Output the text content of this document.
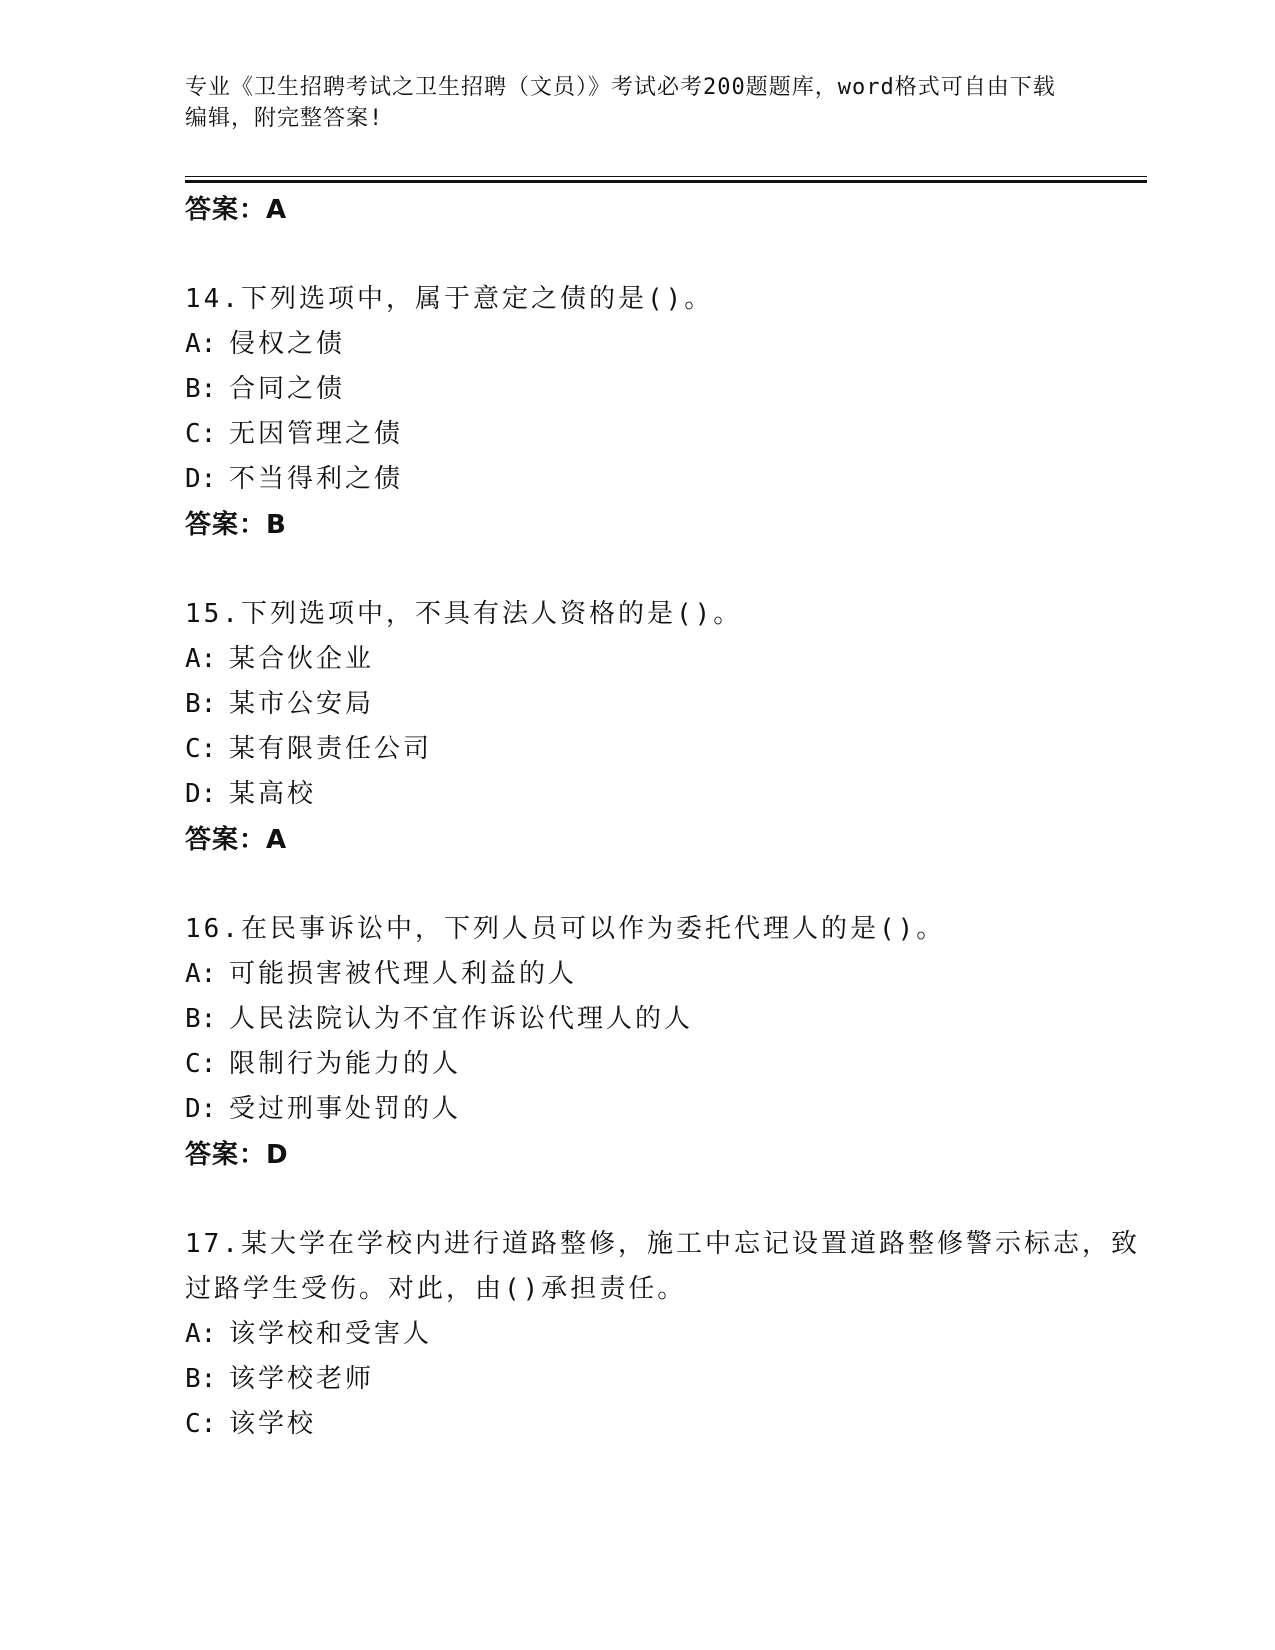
专业《卫生招聘考试之卫生招聘（文员）》考试必考200题题库，word格式可自由下载编辑，附完整答案!

答案：A

14.下列选项中，属于意定之债的是()。

A: 侵权之债

B: 合同之债

C: 无因管理之债

D: 不当得利之债

答案：B

15.下列选项中，不具有法人资格的是()。

A: 某合伙企业

B: 某市公安局

C: 某有限责任公司

D: 某高校

答案：A

16.在民事诉讼中，下列人员可以作为委托代理人的是()。

A: 可能损害被代理人利益的人

B: 人民法院认为不宜作诉讼代理人的人

C: 限制行为能力的人

D: 受过刑事处罚的人

答案：D

17.某大学在学校内进行道路整修，施工中忘记设置道路整修警示标志，致过路学生受伤。对此，由()承担责任。

A: 该学校和受害人

B: 该学校老师

C: 该学校
